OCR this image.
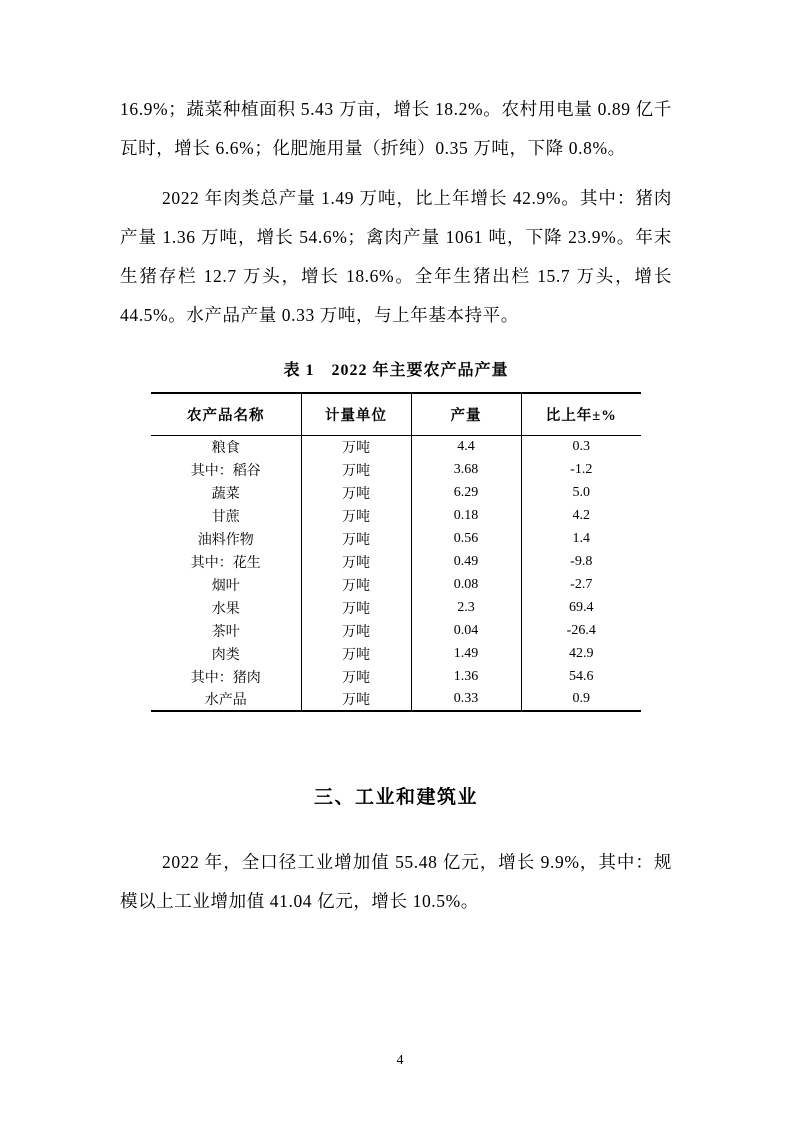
16.9%；蔬菜种植面积 5.43 万亩，增长 18.2%。农村用电量 0.89 亿千瓦时，增长 6.6%；化肥施用量（折纯）0.35 万吨，下降 0.8%。

2022 年肉类总产量 1.49 万吨，比上年增长 42.9%。其中：猪肉产量 1.36 万吨，增长 54.6%；禽肉产量 1061 吨，下降 23.9%。年末生猪存栏 12.7 万头，增长 18.6%。全年生猪出栏 15.7 万头，增长 44.5%。水产品产量 0.33 万吨，与上年基本持平。

表 1　2022 年主要农产品产量
农产品名称	计量单位	产量	比上年±%
粮食	万吨	4.4	0.3
其中：稻谷	万吨	3.68	-1.2
蔬菜	万吨	6.29	5.0
甘蔗	万吨	0.18	4.2
油料作物	万吨	0.56	1.4
其中：花生	万吨	0.49	-9.8
烟叶	万吨	0.08	-2.7
水果	万吨	2.3	69.4
茶叶	万吨	0.04	-26.4
肉类	万吨	1.49	42.9
其中：猪肉	万吨	1.36	54.6
水产品	万吨	0.33	0.9
三、工业和建筑业

2022 年，全口径工业增加值 55.48 亿元，增长 9.9%，其中：规模以上工业增加值 41.04 亿元，增长 10.5%。

4
